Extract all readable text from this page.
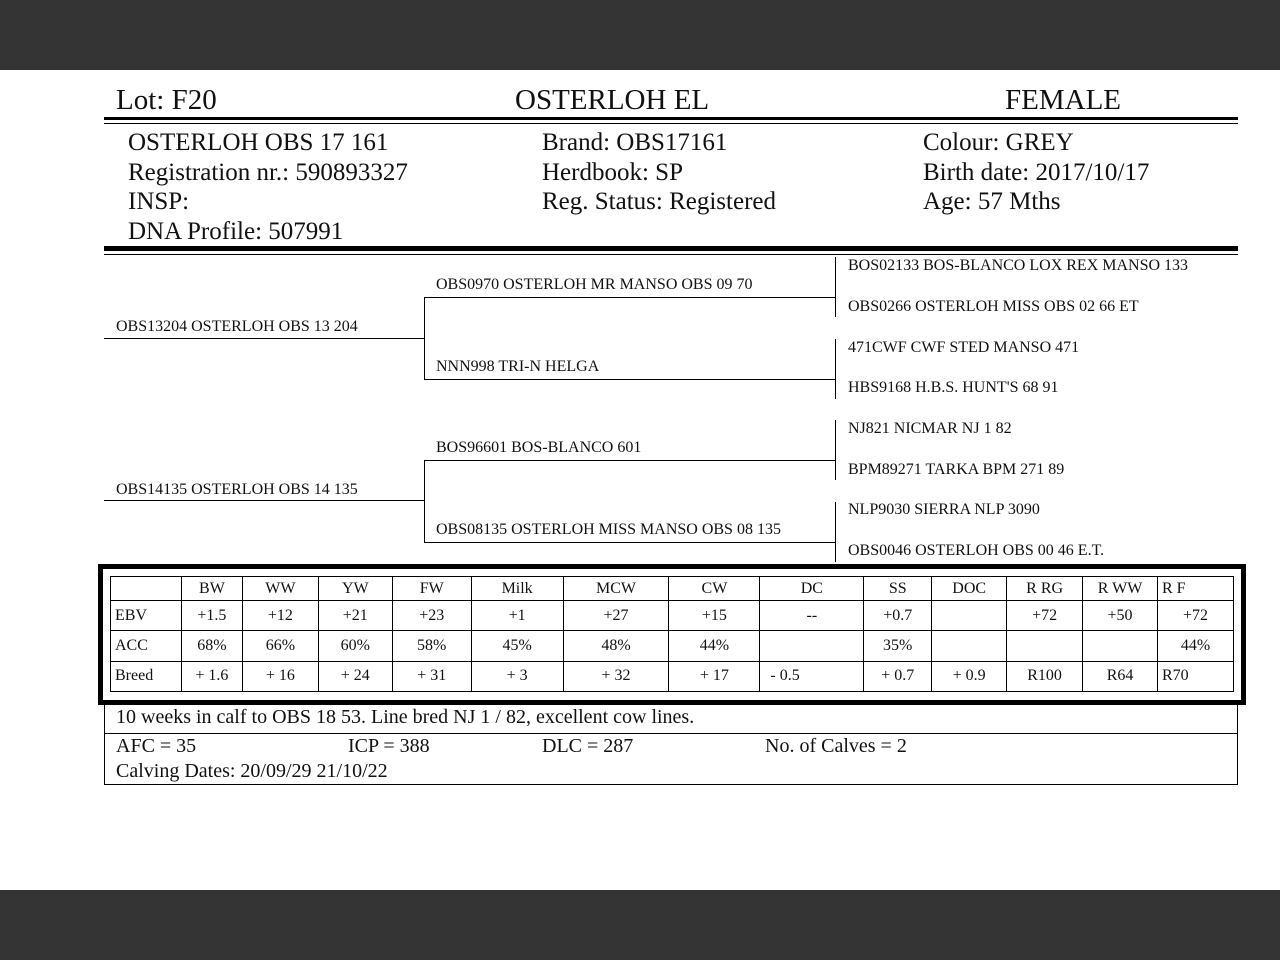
Lot: F20	OSTERLOH EL	FEMALE
OSTERLOH OBS 17 161
Registration nr.: 590893327
INSP:
DNA Profile: 507991
Brand: OBS17161
Herdbook: SP
Reg. Status: Registered
Colour: GREY
Birth date: 2017/10/17
Age: 57 Mths
OBS13204 OSTERLOH OBS 13 204
OBS14135 OSTERLOH OBS 14 135
OBS0970 OSTERLOH MR MANSO OBS 09 70
NNN998 TRI-N HELGA
BOS96601 BOS-BLANCO 601
OBS08135 OSTERLOH MISS MANSO OBS 08 135
BOS02133 BOS-BLANCO LOX REX MANSO 133
OBS0266 OSTERLOH MISS OBS 02 66 ET
471CWF CWF STED MANSO 471
HBS9168 H.B.S. HUNT'S 68 91
NJ821 NICMAR NJ 1 82
BPM89271 TARKA BPM 271 89
NLP9030 SIERRA NLP 3090
OBS0046 OSTERLOH OBS 00 46 E.T.
	BW	WW	YW	FW	Milk	MCW	CW	DC	SS	DOC	R RG	R WW	R F
EBV	+1.5	+12	+21	+23	+1	+27	+15	--	+0.7		+72	+50	+72
ACC	68%	66%	60%	58%	45%	48%	44%		35%				44%
Breed	+ 1.6	+ 16	+ 24	+ 31	+ 3	+ 32	+ 17	- 0.5	+ 0.7	+ 0.9	R100	R64	R70
10 weeks in calf to OBS 18 53. Line bred NJ 1 / 82, excellent cow lines.
AFC = 35	ICP = 388	DLC = 287	No. of Calves = 2
Calving Dates: 20/09/29 21/10/22
